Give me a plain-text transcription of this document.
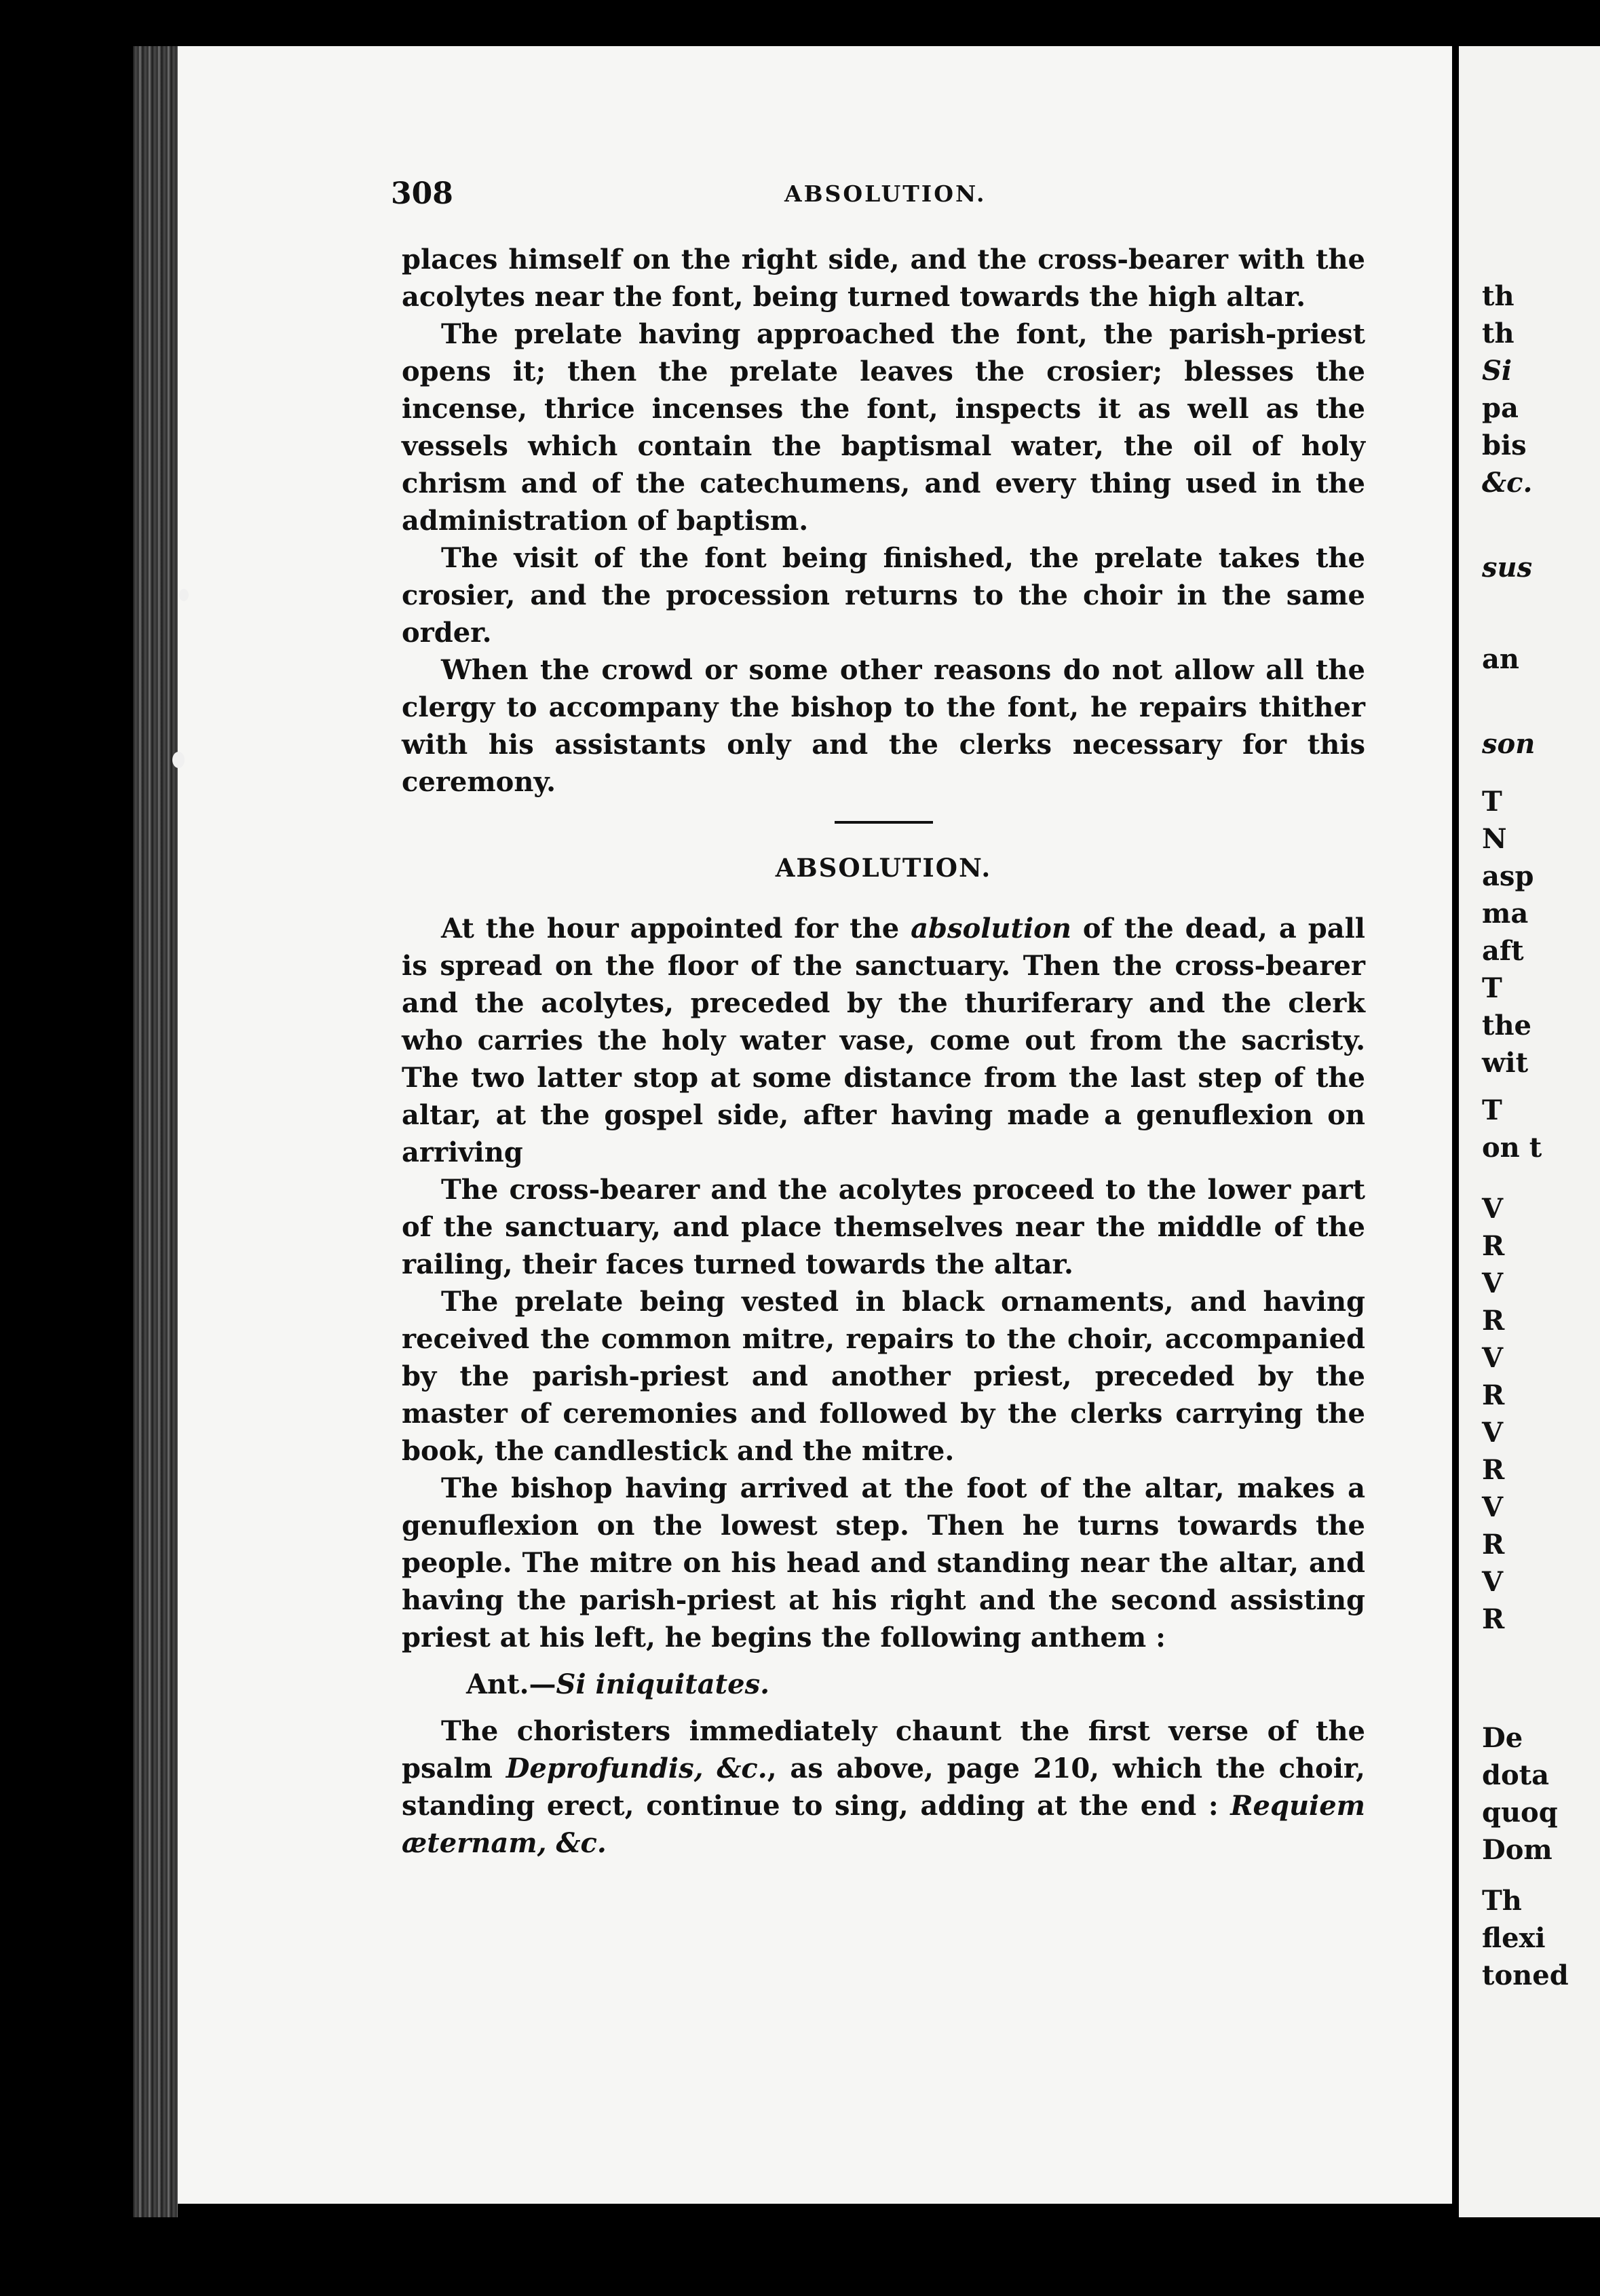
308	ABSOLUTION.

places himself on the right side, and the cross-bearer with the acolytes near the font, being turned towards the high altar.

The prelate having approached the font, the parish-priest opens it; then the prelate leaves the crosier; blesses the incense, thrice incenses the font, inspects it as well as the vessels which contain the baptismal water, the oil of holy chrism and of the catechumens, and every thing used in the administration of baptism.

The visit of the font being finished, the prelate takes the crosier, and the procession returns to the choir in the same order.

When the crowd or some other reasons do not allow all the clergy to accompany the bishop to the font, he repairs thither with his assistants only and the clerks necessary for this ceremony.

ABSOLUTION.

At the hour appointed for the absolution of the dead, a pall is spread on the floor of the sanctuary. Then the cross-bearer and the acolytes, preceded by the thuriferary and the clerk who carries the holy water vase, come out from the sacristy. The two latter stop at some distance from the last step of the altar, at the gospel side, after having made a genuflexion on arriving

The cross-bearer and the acolytes proceed to the lower part of the sanctuary, and place themselves near the middle of the railing, their faces turned towards the altar.

The prelate being vested in black ornaments, and having received the common mitre, repairs to the choir, accompanied by the parish-priest and another priest, preceded by the master of ceremonies and followed by the clerks carrying the book, the candlestick and the mitre.

The bishop having arrived at the foot of the altar, makes a genuflexion on the lowest step. Then he turns towards the people. The mitre on his head and standing near the altar, and having the parish-priest at his right and the second assisting priest at his left, he begins the following anthem :

Ant.—Si iniquitates.

The choristers immediately chaunt the first verse of the psalm Deprofundis, &c., as above, page 210, which the choir, standing erect, continue to sing, adding at the end : Requiem æternam, &c.

th
th
Si
pa
bis
&c.
sus
an
son
T
N
asp
ma
aft
T
the
wit
T
on t
V
R
V
R
V
R
V
R
V
R
V
R
De
dota
quoq
Dom
Th
flexi
toned
